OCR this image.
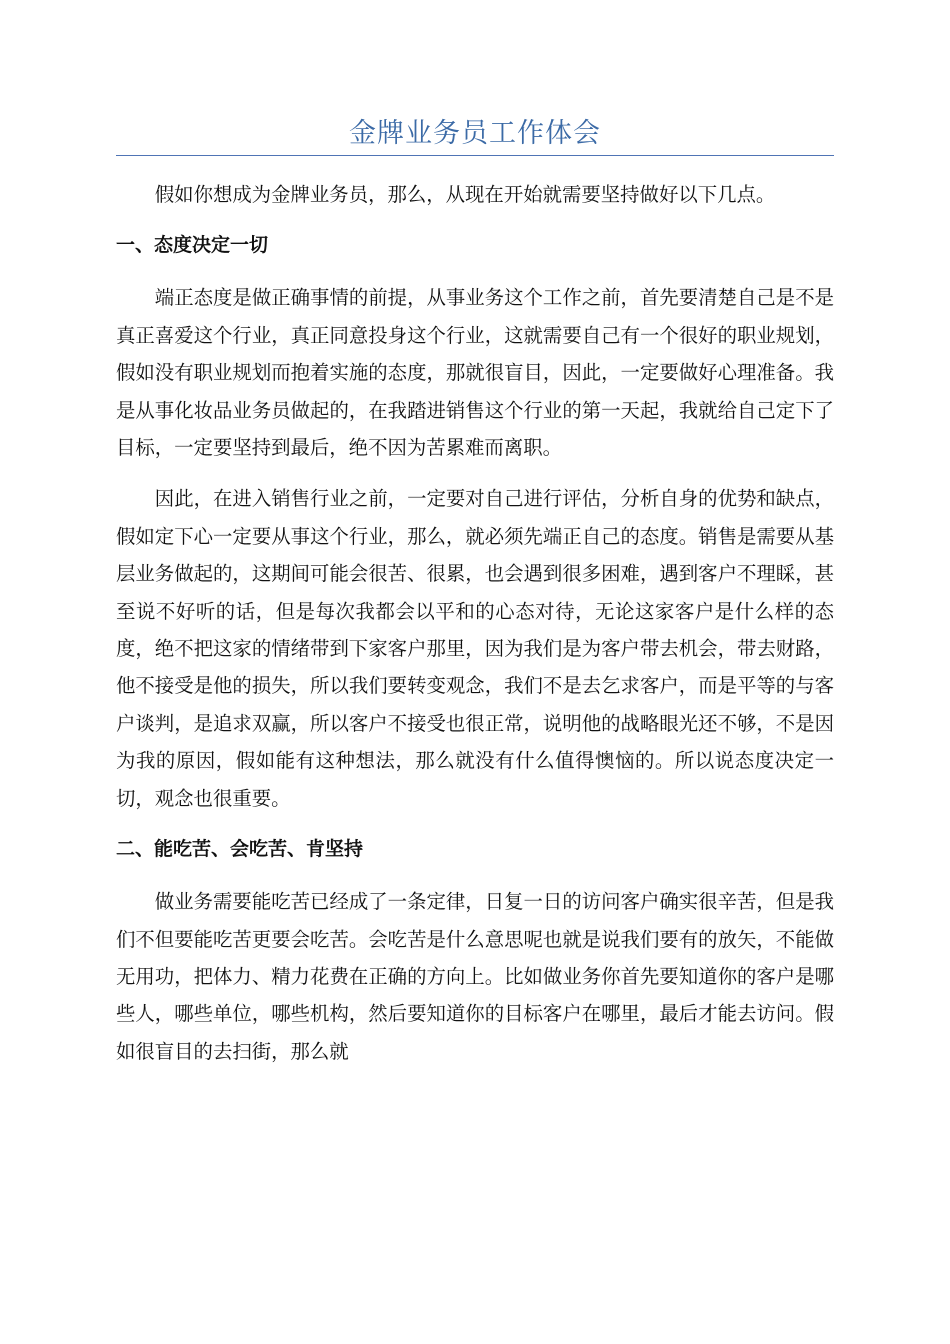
金牌业务员工作体会

假如你想成为金牌业务员，那么，从现在开始就需要坚持做好以下几点。

一、态度决定一切

端正态度是做正确事情的前提，从事业务这个工作之前，首先要清楚自己是不是真正喜爱这个行业，真正同意投身这个行业，这就需要自己有一个很好的职业规划，假如没有职业规划而抱着实施的态度，那就很盲目，因此，一定要做好心理准备。我是从事化妆品业务员做起的，在我踏进销售这个行业的第一天起，我就给自己定下了目标，一定要坚持到最后，绝不因为苦累难而离职。

因此，在进入销售行业之前，一定要对自己进行评估，分析自身的优势和缺点，假如定下心一定要从事这个行业，那么，就必须先端正自己的态度。销售是需要从基层业务做起的，这期间可能会很苦、很累，也会遇到很多困难，遇到客户不理睬，甚至说不好听的话，但是每次我都会以平和的心态对待，无论这家客户是什么样的态度，绝不把这家的情绪带到下家客户那里，因为我们是为客户带去机会，带去财路，他不接受是他的损失，所以我们要转变观念，我们不是去乞求客户，而是平等的与客户谈判，是追求双赢，所以客户不接受也很正常，说明他的战略眼光还不够，不是因为我的原因，假如能有这种想法，那么就没有什么值得懊恼的。所以说态度决定一切，观念也很重要。

二、能吃苦、会吃苦、肯坚持

做业务需要能吃苦已经成了一条定律，日复一日的访问客户确实很辛苦，但是我们不但要能吃苦更要会吃苦。会吃苦是什么意思呢也就是说我们要有的放矢，不能做无用功，把体力、精力花费在正确的方向上。比如做业务你首先要知道你的客户是哪些人，哪些单位，哪些机构，然后要知道你的目标客户在哪里，最后才能去访问。假如很盲目的去扫街，那么就
